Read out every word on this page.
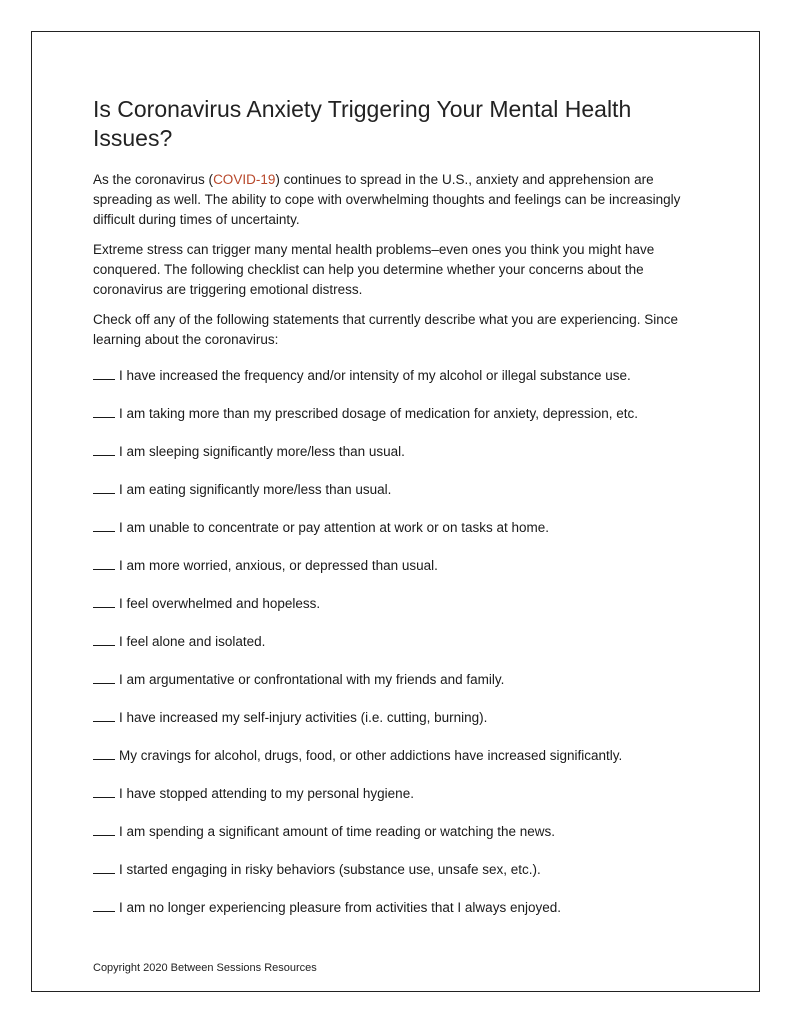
Is Coronavirus Anxiety Triggering Your Mental Health Issues?

As the coronavirus (COVID-19) continues to spread in the U.S., anxiety and apprehension are spreading as well. The ability to cope with overwhelming thoughts and feelings can be increasingly difficult during times of uncertainty.

Extreme stress can trigger many mental health problems–even ones you think you might have conquered. The following checklist can help you determine whether your concerns about the coronavirus are triggering emotional distress.

Check off any of the following statements that currently describe what you are experiencing. Since learning about the coronavirus:

I have increased the frequency and/or intensity of my alcohol or illegal substance use.
I am taking more than my prescribed dosage of medication for anxiety, depression, etc.
I am sleeping significantly more/less than usual.
I am eating significantly more/less than usual.
I am unable to concentrate or pay attention at work or on tasks at home.
I am more worried, anxious, or depressed than usual.
I feel overwhelmed and hopeless.
I feel alone and isolated.
I am argumentative or confrontational with my friends and family.
I have increased my self-injury activities (i.e. cutting, burning).
My cravings for alcohol, drugs, food, or other addictions have increased significantly.
I have stopped attending to my personal hygiene.
I am spending a significant amount of time reading or watching the news.
I started engaging in risky behaviors (substance use, unsafe sex, etc.).
I am no longer experiencing pleasure from activities that I always enjoyed.
Copyright 2020 Between Sessions Resources
